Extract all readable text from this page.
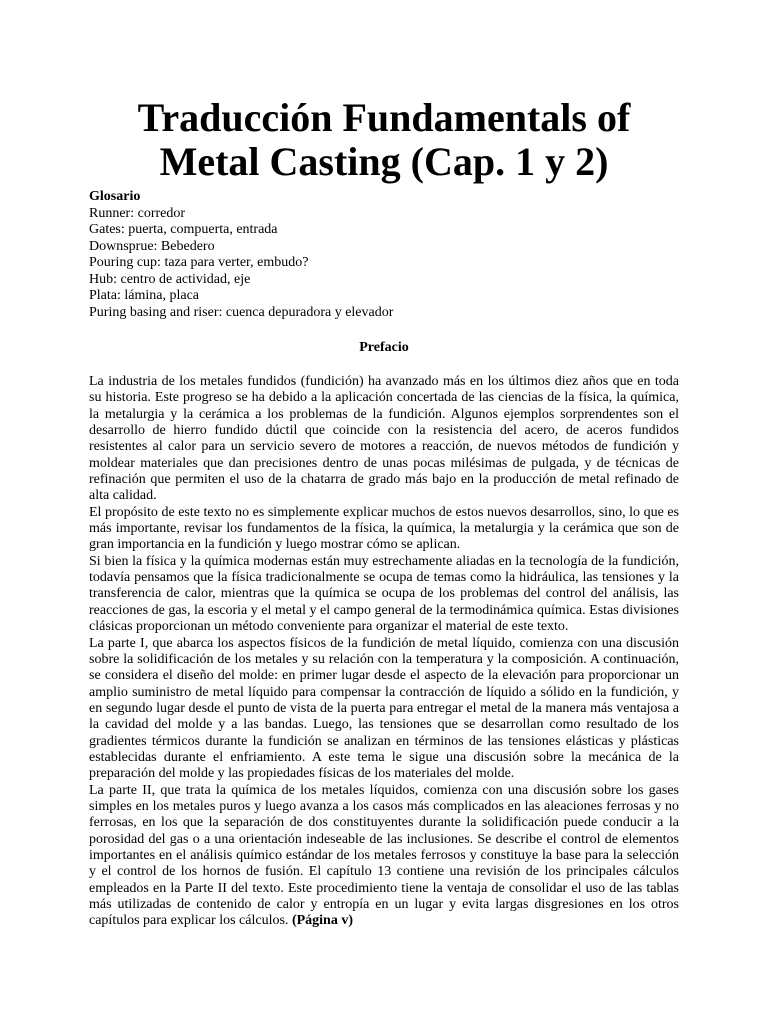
Traducción Fundamentals of Metal Casting (Cap. 1 y 2)
Glosario
Runner: corredor
Gates: puerta, compuerta, entrada
Downsprue: Bebedero
Pouring cup: taza para verter, embudo?
Hub: centro de actividad, eje
Plata: lámina, placa
Puring basing and riser: cuenca depuradora y elevador
Prefacio

La industria de los metales fundidos (fundición) ha avanzado más en los últimos diez años que en toda su historia. Este progreso se ha debido a la aplicación concertada de las ciencias de la física, la química, la metalurgia y la cerámica a los problemas de la fundición. Algunos ejemplos sorprendentes son el desarrollo de hierro fundido dúctil que coincide con la resistencia del acero, de aceros fundidos resistentes al calor para un servicio severo de motores a reacción, de nuevos métodos de fundición y moldear materiales que dan precisiones dentro de unas pocas milésimas de pulgada, y de técnicas de refinación que permiten el uso de la chatarra de grado más bajo en la producción de metal refinado de alta calidad.

El propósito de este texto no es simplemente explicar muchos de estos nuevos desarrollos, sino, lo que es más importante, revisar los fundamentos de la física, la química, la metalurgia y la cerámica que son de gran importancia en la fundición y luego mostrar cómo se aplican.

Si bien la física y la química modernas están muy estrechamente aliadas en la tecnología de la fundición, todavía pensamos que la física tradicionalmente se ocupa de temas como la hidráulica, las tensiones y la transferencia de calor, mientras que la química se ocupa de los problemas del control del análisis, las reacciones de gas, la escoria y el metal y el campo general de la termodinámica química. Estas divisiones clásicas proporcionan un método conveniente para organizar el material de este texto.

La parte I, que abarca los aspectos físicos de la fundición de metal líquido, comienza con una discusión sobre la solidificación de los metales y su relación con la temperatura y la composición. A continuación, se considera el diseño del molde: en primer lugar desde el aspecto de la elevación para proporcionar un amplio suministro de metal líquido para compensar la contracción de líquido a sólido en la fundición, y en segundo lugar desde el punto de vista de la puerta para entregar el metal de la manera más ventajosa a la cavidad del molde y a las bandas. Luego, las tensiones que se desarrollan como resultado de los gradientes térmicos durante la fundición se analizan en términos de las tensiones elásticas y plásticas establecidas durante el enfriamiento. A este tema le sigue una discusión sobre la mecánica de la preparación del molde y las propiedades físicas de los materiales del molde.

La parte II, que trata la química de los metales líquidos, comienza con una discusión sobre los gases simples en los metales puros y luego avanza a los casos más complicados en las aleaciones ferrosas y no ferrosas, en los que la separación de dos constituyentes durante la solidificación puede conducir a la porosidad del gas o a una orientación indeseable de las inclusiones. Se describe el control de elementos importantes en el análisis químico estándar de los metales ferrosos y constituye la base para la selección y el control de los hornos de fusión. El capítulo 13 contiene una revisión de los principales cálculos empleados en la Parte II del texto. Este procedimiento tiene la ventaja de consolidar el uso de las tablas más utilizadas de contenido de calor y entropía en un lugar y evita largas disgresiones en los otros capítulos para explicar los cálculos. (Página v)
